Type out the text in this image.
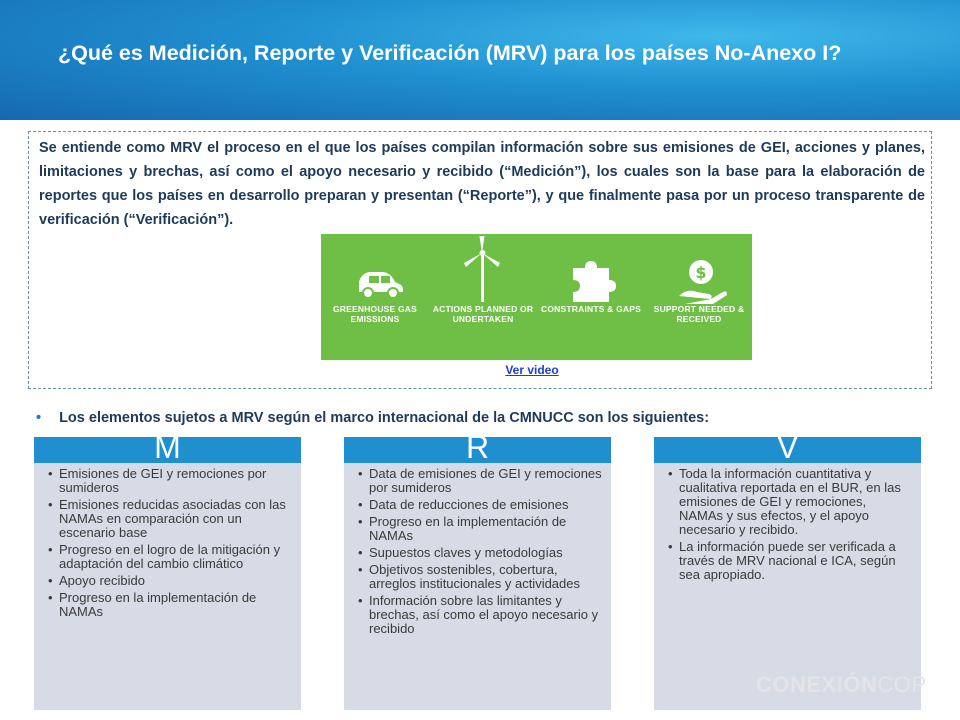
¿Qué es Medición, Reporte y Verificación (MRV) para los países No-Anexo I?

Se entiende como MRV el proceso en el que los países compilan información sobre sus emisiones de GEI, acciones y planes, limitaciones y brechas, así como el apoyo necesario y recibido (“Medición”), los cuales son la base para la elaboración de reportes que los países en desarrollo preparan y presentan (“Reporte”), y que finalmente pasa por un proceso transparente de verificación (“Verificación”).

GREENHOUSE GAS EMISSIONS
ACTIONS PLANNED OR UNDERTAKEN
CONSTRAINTS & GAPS
$
SUPPORT NEEDED & RECEIVED
Ver video
• Los elementos sujetos a MRV según el marco internacional de la CMNUCC son los siguientes:
M
• Emisiones de GEI y remociones por sumideros
• Emisiones reducidas asociadas con las NAMAs en comparación con un escenario base
• Progreso en el logro de la mitigación y adaptación del cambio climático
• Apoyo recibido
• Progreso en la implementación de NAMAs
R
• Data de emisiones de GEI y remociones por sumideros
• Data de reducciones de emisiones
• Progreso en la implementación de NAMAs
• Supuestos claves y metodologías
• Objetivos sostenibles, cobertura, arreglos institucionales y actividades
• Información sobre las limitantes y brechas, así como el apoyo necesario y recibido
V
• Toda la información cuantitativa y cualitativa reportada en el BUR, en las emisiones de GEI y remociones, NAMAs y sus efectos, y el apoyo necesario y recibido.
• La información puede ser verificada a través de MRV nacional e ICA, según sea apropiado.
CONEXIÓNCOP
